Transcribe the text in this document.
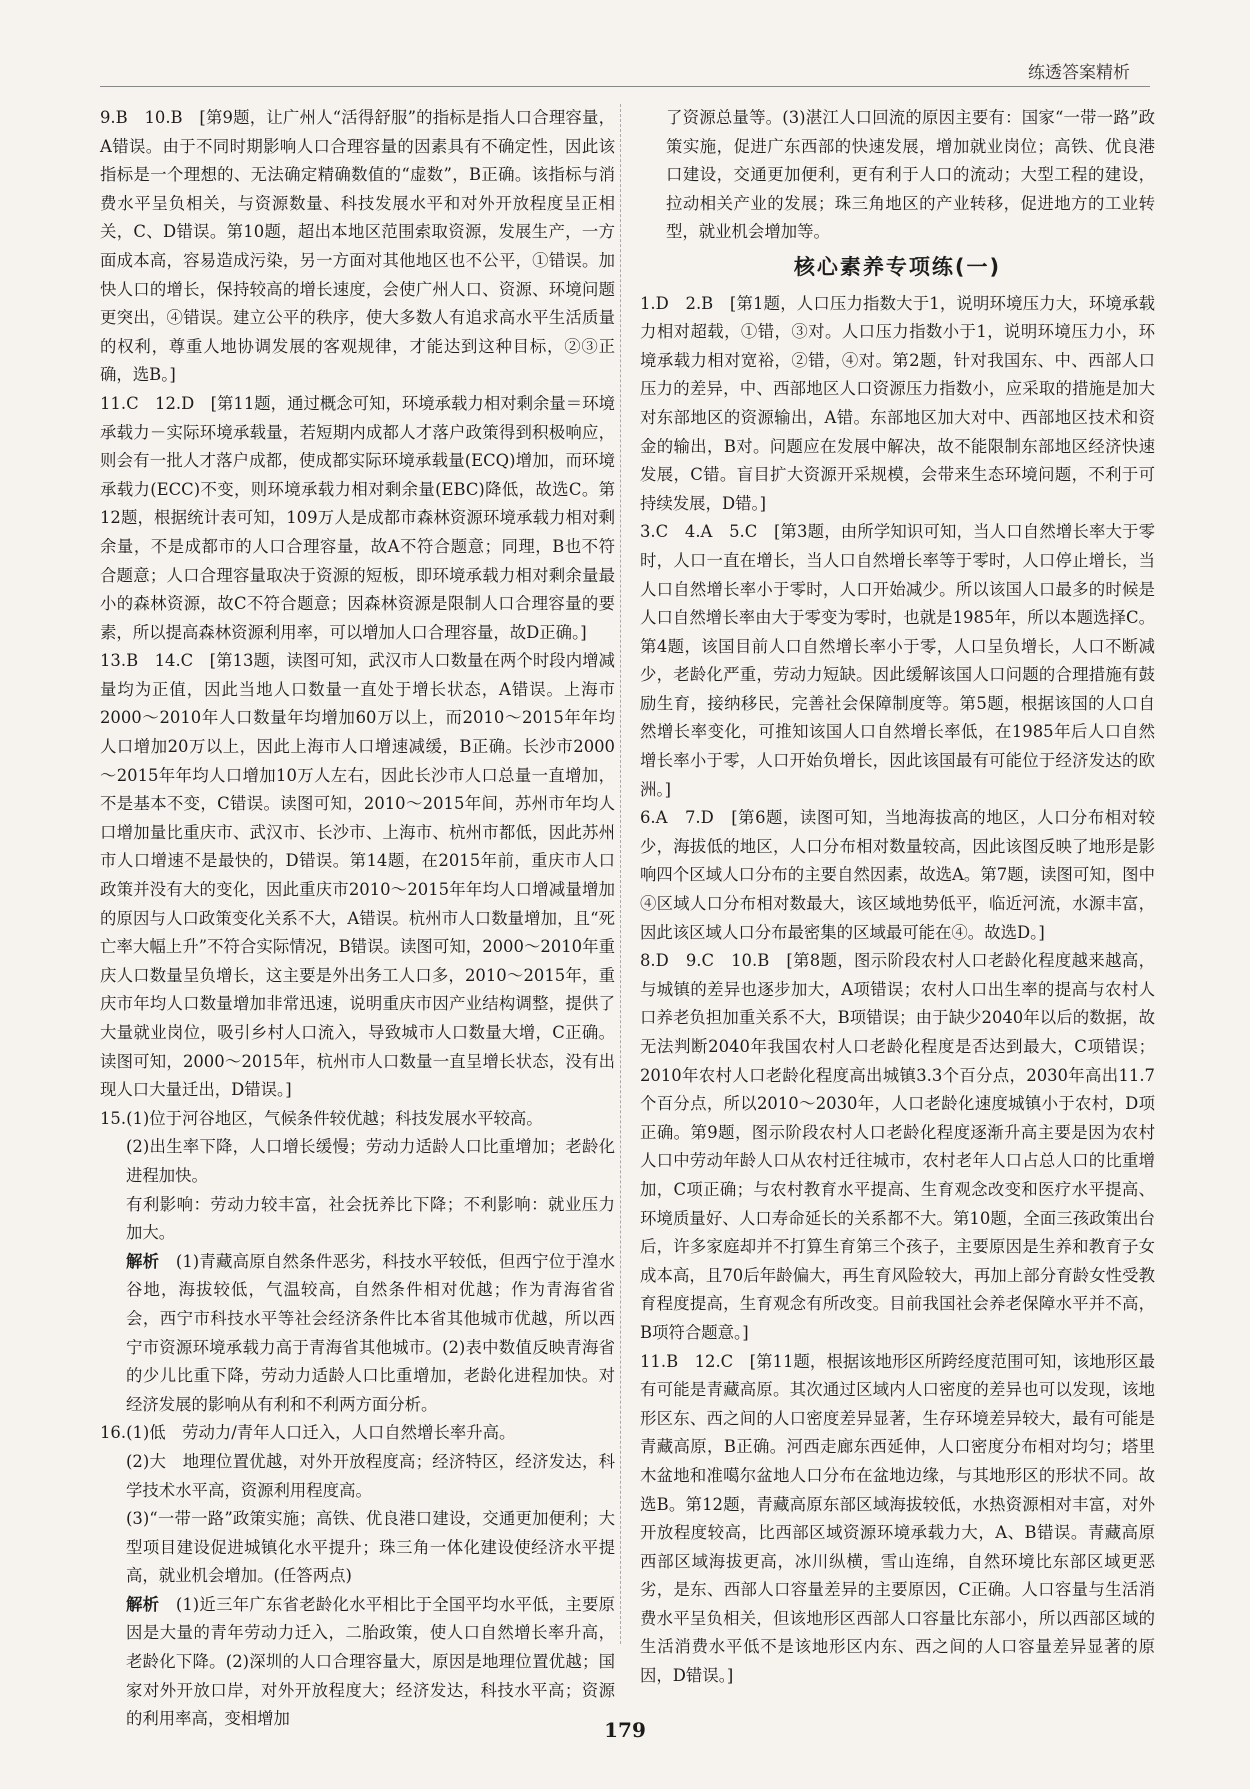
练透答案精析

9.B　10.B　[第9题，让广州人“活得舒服”的指标是指人口合理容量，A错误。由于不同时期影响人口合理容量的因素具有不确定性，因此该指标是一个理想的、无法确定精确数值的“虚数”，B正确。该指标与消费水平呈负相关，与资源数量、科技发展水平和对外开放程度呈正相关，C、D错误。第10题，超出本地区范围索取资源，发展生产，一方面成本高，容易造成污染，另一方面对其他地区也不公平，①错误。加快人口的增长，保持较高的增长速度，会使广州人口、资源、环境问题更突出，④错误。建立公平的秩序，使大多数人有追求高水平生活质量的权利，尊重人地协调发展的客观规律，才能达到这种目标，②③正确，选B。]

11.C　12.D　[第11题，通过概念可知，环境承载力相对剩余量＝环境承载力－实际环境承载量，若短期内成都人才落户政策得到积极响应，则会有一批人才落户成都，使成都实际环境承载量(ECQ)增加，而环境承载力(ECC)不变，则环境承载力相对剩余量(EBC)降低，故选C。第12题，根据统计表可知，109万人是成都市森林资源环境承载力相对剩余量，不是成都市的人口合理容量，故A不符合题意；同理，B也不符合题意；人口合理容量取决于资源的短板，即环境承载力相对剩余量最小的森林资源，故C不符合题意；因森林资源是限制人口合理容量的要素，所以提高森林资源利用率，可以增加人口合理容量，故D正确。]

13.B　14.C　[第13题，读图可知，武汉市人口数量在两个时段内增减量均为正值，因此当地人口数量一直处于增长状态，A错误。上海市2000～2010年人口数量年均增加60万以上，而2010～2015年年均人口增加20万以上，因此上海市人口增速减缓，B正确。长沙市2000～2015年年均人口增加10万人左右，因此长沙市人口总量一直增加，不是基本不变，C错误。读图可知，2010～2015年间，苏州市年均人口增加量比重庆市、武汉市、长沙市、上海市、杭州市都低，因此苏州市人口增速不是最快的，D错误。第14题，在2015年前，重庆市人口政策并没有大的变化，因此重庆市2010～2015年年均人口增减量增加的原因与人口政策变化关系不大，A错误。杭州市人口数量增加，且“死亡率大幅上升”不符合实际情况，B错误。读图可知，2000～2010年重庆人口数量呈负增长，这主要是外出务工人口多，2010～2015年，重庆市年均人口数量增加非常迅速，说明重庆市因产业结构调整，提供了大量就业岗位，吸引乡村人口流入，导致城市人口数量大增，C正确。读图可知，2000～2015年，杭州市人口数量一直呈增长状态，没有出现人口大量迁出，D错误。]

15.(1)位于河谷地区，气候条件较优越；科技发展水平较高。

(2)出生率下降，人口增长缓慢；劳动力适龄人口比重增加；老龄化进程加快。

有利影响：劳动力较丰富，社会抚养比下降；不利影响：就业压力加大。

解析　 (1)青藏高原自然条件恶劣，科技水平较低，但西宁位于湟水谷地，海拔较低，气温较高，自然条件相对优越；作为青海省省会，西宁市科技水平等社会经济条件比本省其他城市优越，所以西宁市资源环境承载力高于青海省其他城市。(2)表中数值反映青海省的少儿比重下降，劳动力适龄人口比重增加，老龄化进程加快。对经济发展的影响从有利和不利两方面分析。

16.(1)低　劳动力/青年人口迁入，人口自然增长率升高。

(2)大　地理位置优越，对外开放程度高；经济特区，经济发达，科学技术水平高，资源利用程度高。

(3)“一带一路”政策实施；高铁、优良港口建设，交通更加便利；大型项目建设促进城镇化水平提升；珠三角一体化建设使经济水平提高，就业机会增加。(任答两点)

解析　 (1)近三年广东省老龄化水平相比于全国平均水平低，主要原因是大量的青年劳动力迁入，二胎政策，使人口自然增长率升高，老龄化下降。(2)深圳的人口合理容量大，原因是地理位置优越；国家对外开放口岸，对外开放程度大；经济发达，科技水平高；资源的利用率高，变相增加

了资源总量等。(3)湛江人口回流的原因主要有：国家“一带一路”政策实施，促进广东西部的快速发展，增加就业岗位；高铁、优良港口建设，交通更加便利，更有利于人口的流动；大型工程的建设，拉动相关产业的发展；珠三角地区的产业转移，促进地方的工业转型，就业机会增加等。

核心素养专项练(一)

1.D　2.B　[第1题，人口压力指数大于1，说明环境压力大，环境承载力相对超载，①错，③对。人口压力指数小于1，说明环境压力小，环境承载力相对宽裕，②错，④对。第2题，针对我国东、中、西部人口压力的差异，中、西部地区人口资源压力指数小，应采取的措施是加大对东部地区的资源输出，A错。东部地区加大对中、西部地区技术和资金的输出，B对。问题应在发展中解决，故不能限制东部地区经济快速发展，C错。盲目扩大资源开采规模，会带来生态环境问题，不利于可持续发展，D错。]

3.C　4.A　5.C　[第3题，由所学知识可知，当人口自然增长率大于零时，人口一直在增长，当人口自然增长率等于零时，人口停止增长，当人口自然增长率小于零时，人口开始减少。所以该国人口最多的时候是人口自然增长率由大于零变为零时，也就是1985年，所以本题选择C。第4题，该国目前人口自然增长率小于零，人口呈负增长，人口不断减少，老龄化严重，劳动力短缺。因此缓解该国人口问题的合理措施有鼓励生育，接纳移民，完善社会保障制度等。第5题，根据该国的人口自然增长率变化，可推知该国人口自然增长率低，在1985年后人口自然增长率小于零，人口开始负增长，因此该国最有可能位于经济发达的欧洲。]

6.A　7.D　[第6题，读图可知，当地海拔高的地区，人口分布相对较少，海拔低的地区，人口分布相对数量较高，因此该图反映了地形是影响四个区域人口分布的主要自然因素，故选A。第7题，读图可知，图中④区域人口分布相对数最大，该区域地势低平，临近河流，水源丰富，因此该区域人口分布最密集的区域最可能在④。故选D。]

8.D　9.C　10.B　[第8题，图示阶段农村人口老龄化程度越来越高，与城镇的差异也逐步加大，A项错误；农村人口出生率的提高与农村人口养老负担加重关系不大，B项错误；由于缺少2040年以后的数据，故无法判断2040年我国农村人口老龄化程度是否达到最大，C项错误；2010年农村人口老龄化程度高出城镇3.3个百分点，2030年高出11.7个百分点，所以2010～2030年，人口老龄化速度城镇小于农村，D项正确。第9题，图示阶段农村人口老龄化程度逐渐升高主要是因为农村人口中劳动年龄人口从农村迁往城市，农村老年人口占总人口的比重增加，C项正确；与农村教育水平提高、生育观念改变和医疗水平提高、环境质量好、人口寿命延长的关系都不大。第10题，全面三孩政策出台后，许多家庭却并不打算生育第三个孩子，主要原因是生养和教育子女成本高，且70后年龄偏大，再生育风险较大，再加上部分育龄女性受教育程度提高，生育观念有所改变。目前我国社会养老保障水平并不高，B项符合题意。]

11.B　12.C　[第11题，根据该地形区所跨经度范围可知，该地形区最有可能是青藏高原。其次通过区域内人口密度的差异也可以发现，该地形区东、西之间的人口密度差异显著，生存环境差异较大，最有可能是青藏高原，B正确。河西走廊东西延伸，人口密度分布相对均匀；塔里木盆地和准噶尔盆地人口分布在盆地边缘，与其地形区的形状不同。故选B。第12题，青藏高原东部区域海拔较低，水热资源相对丰富，对外开放程度较高，比西部区域资源环境承载力大，A、B错误。青藏高原西部区域海拔更高，冰川纵横，雪山连绵，自然环境比东部区域更恶劣，是东、西部人口容量差异的主要原因，C正确。人口容量与生活消费水平呈负相关，但该地形区西部人口容量比东部小，所以西部区域的生活消费水平低不是该地形区内东、西之间的人口容量差异显著的原因，D错误。]

179
